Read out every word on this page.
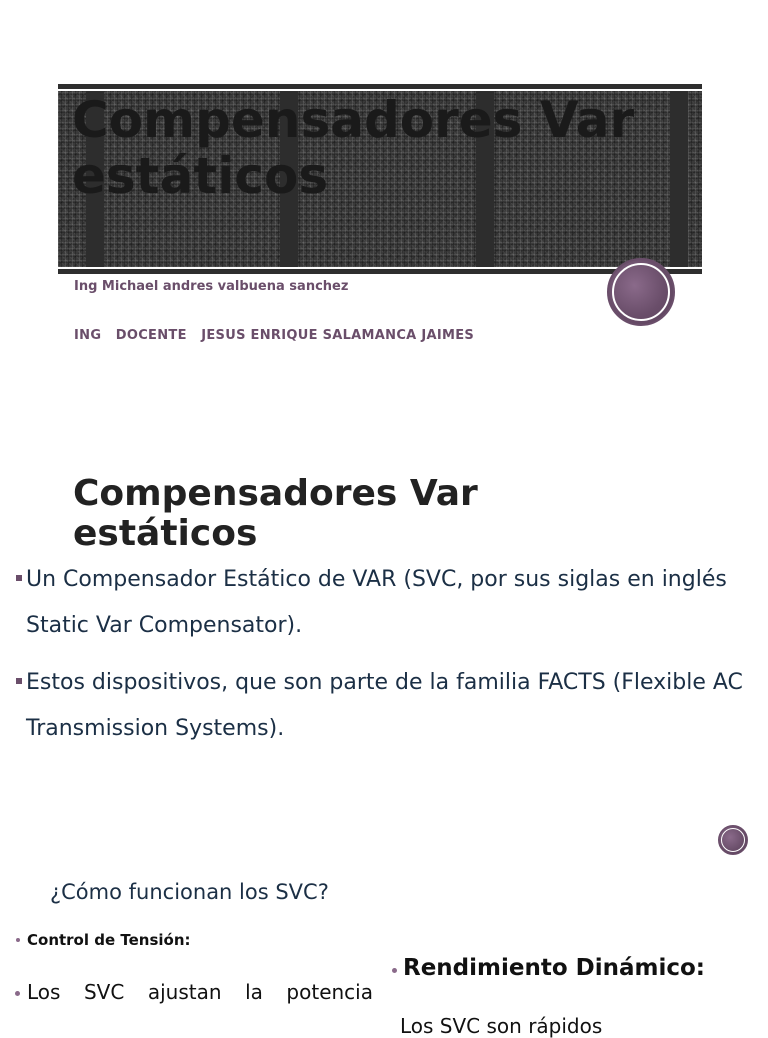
Compensadores Var estáticos
Ing Michael andres valbuena sanchez
ING   DOCENTE   JESUS ENRIQUE SALAMANCA JAIMES
Compensadores Var estáticos
Un Compensador Estático de VAR (SVC, por sus siglas en inglés Static Var Compensator).
Estos dispositivos, que son parte de la familia FACTS (Flexible AC Transmission Systems).
¿Cómo funcionan los SVC?
Control de Tensión:
Los SVC ajustan la potencia
Rendimiento Dinámico:
Los SVC son rápidos
